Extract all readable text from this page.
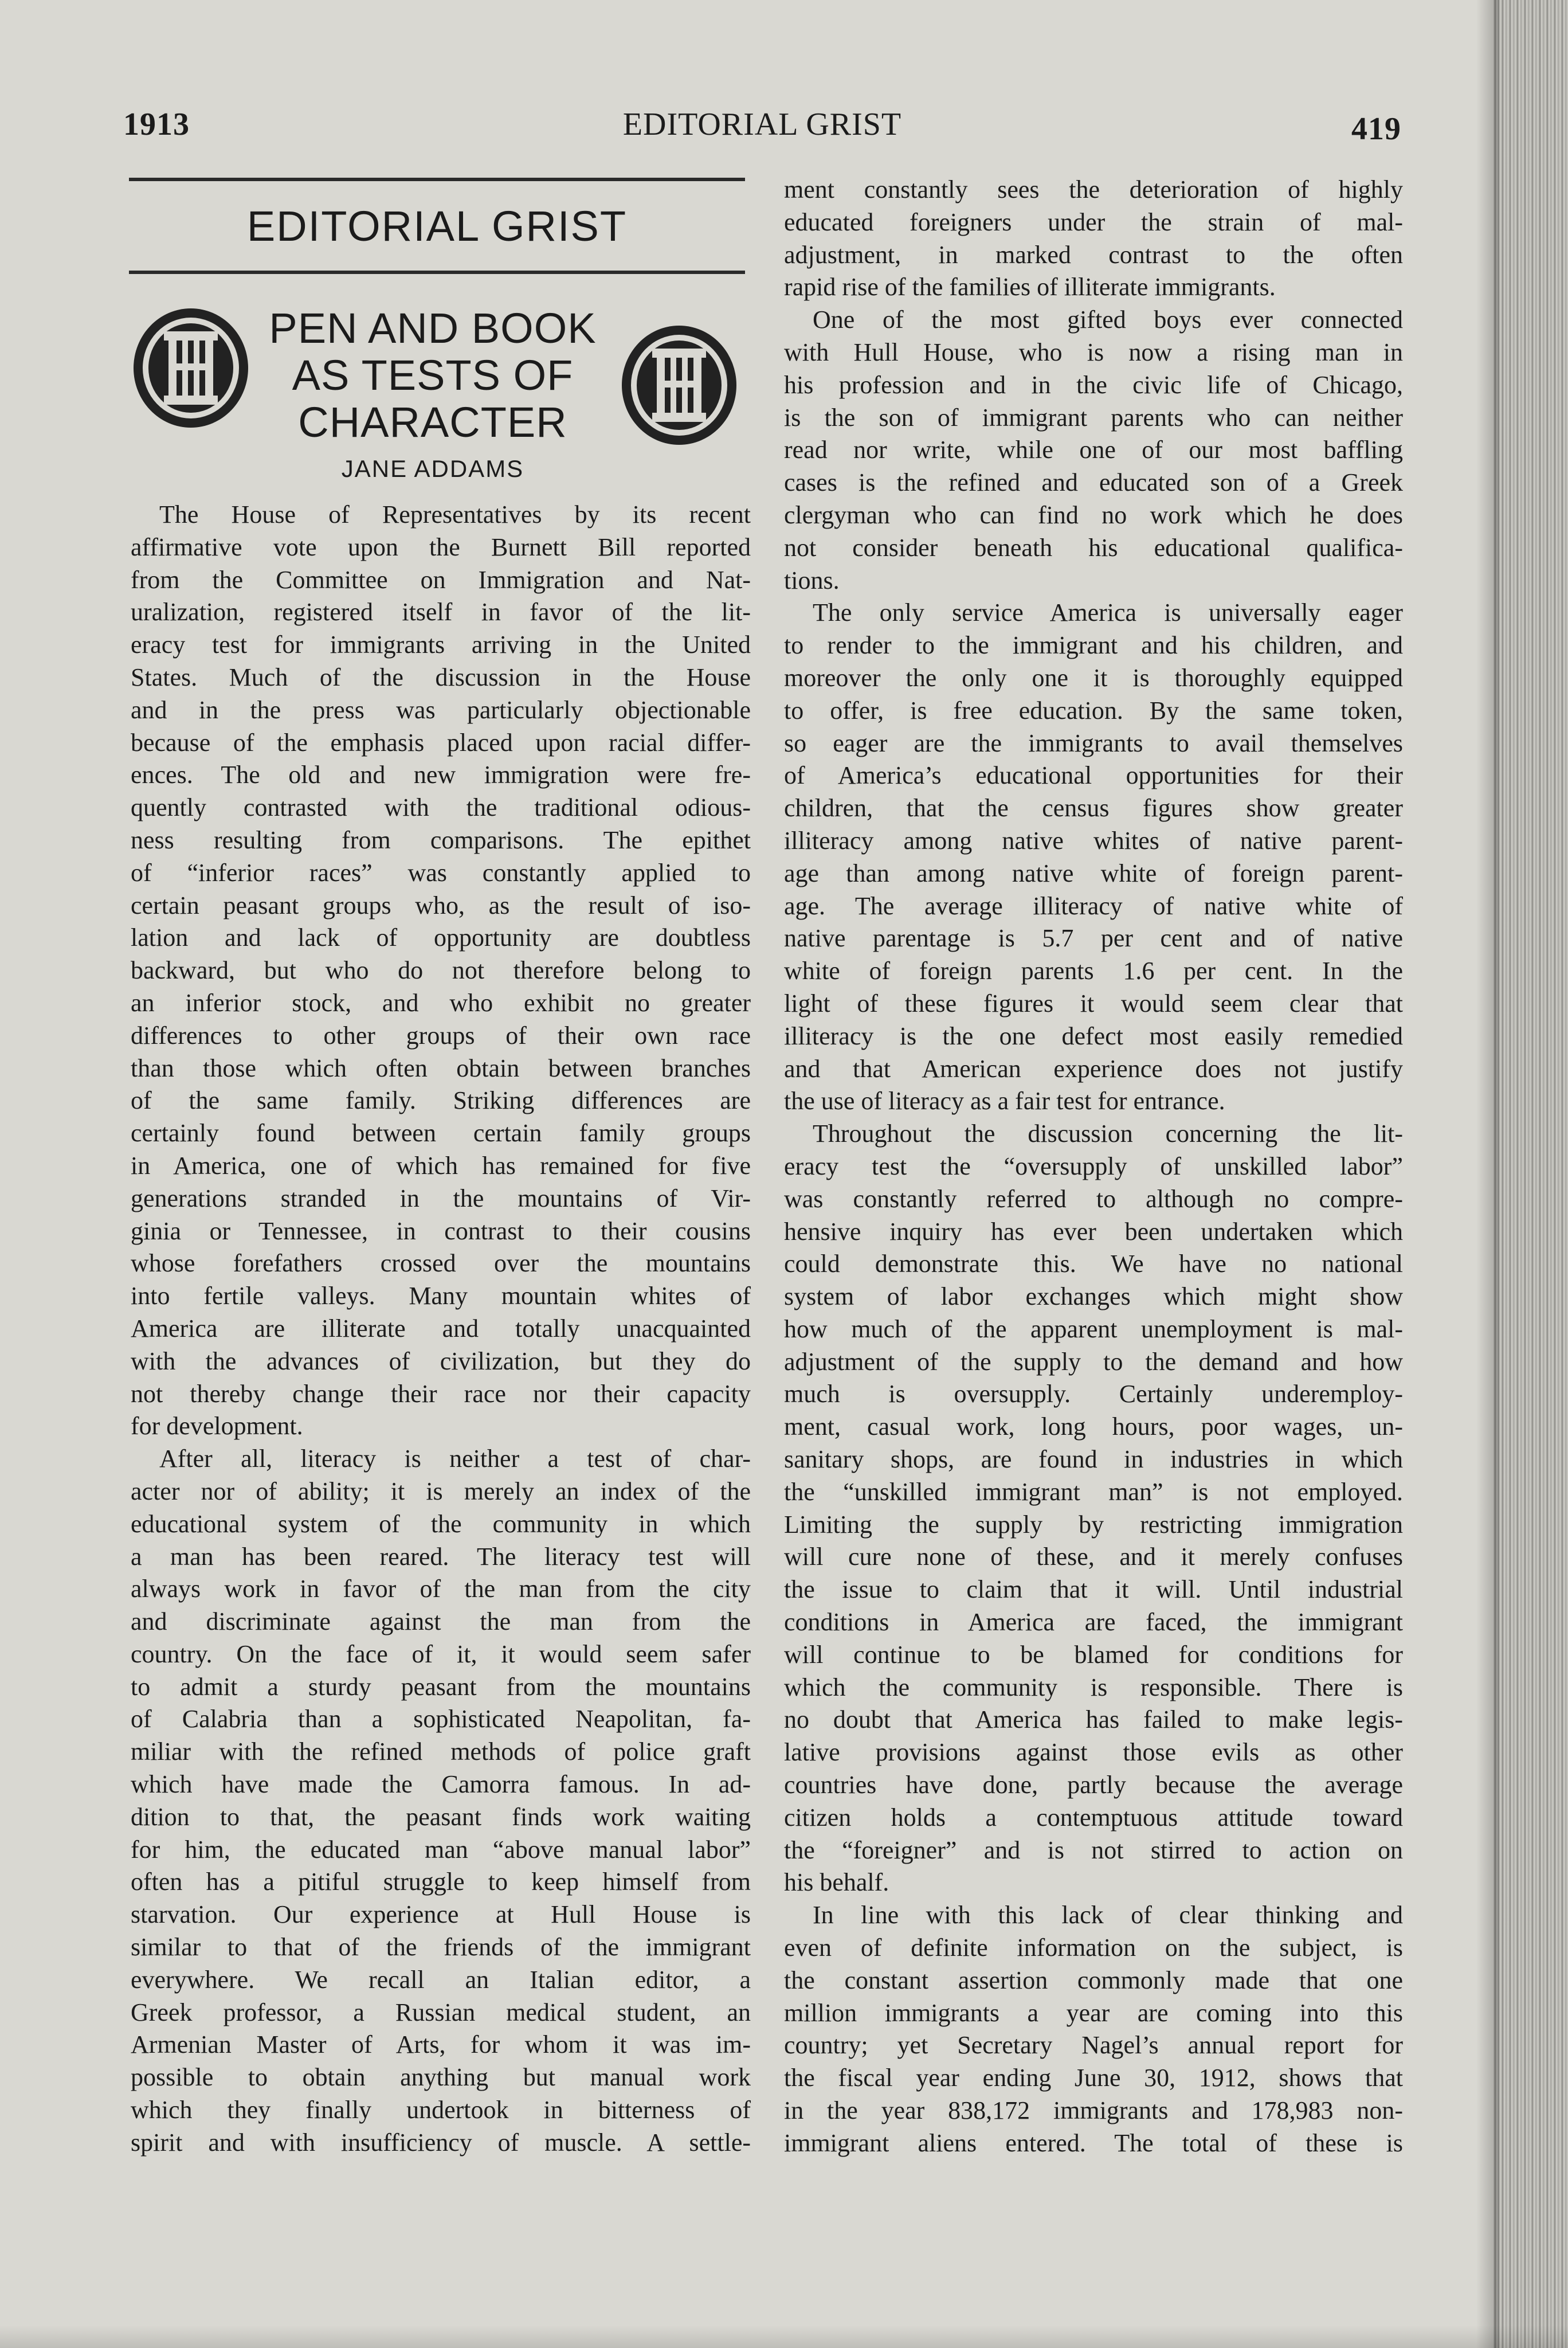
1913	EDITORIAL GRIST	419
EDITORIAL GRIST
PEN AND BOOK
AS TESTS OF
CHARACTER
JANE ADDAMS
The House of Representatives by its recent
affirmative vote upon the Burnett Bill reported
from the Committee on Immigration and Nat-
uralization, registered itself in favor of the lit-
eracy test for immigrants arriving in the United
States. Much of the discussion in the House
and in the press was particularly objectionable
because of the emphasis placed upon racial differ-
ences. The old and new immigration were fre-
quently contrasted with the traditional odious-
ness resulting from comparisons. The epithet
of “inferior races” was constantly applied to
certain peasant groups who, as the result of iso-
lation and lack of opportunity are doubtless
backward, but who do not therefore belong to
an inferior stock, and who exhibit no greater
differences to other groups of their own race
than those which often obtain between branches
of the same family. Striking differences are
certainly found between certain family groups
in America, one of which has remained for five
generations stranded in the mountains of Vir-
ginia or Tennessee, in contrast to their cousins
whose forefathers crossed over the mountains
into fertile valleys. Many mountain whites of
America are illiterate and totally unacquainted
with the advances of civilization, but they do
not thereby change their race nor their capacity
for development.
After all, literacy is neither a test of char-
acter nor of ability; it is merely an index of the
educational system of the community in which
a man has been reared. The literacy test will
always work in favor of the man from the city
and discriminate against the man from the
country. On the face of it, it would seem safer
to admit a sturdy peasant from the mountains
of Calabria than a sophisticated Neapolitan, fa-
miliar with the refined methods of police graft
which have made the Camorra famous. In ad-
dition to that, the peasant finds work waiting
for him, the educated man “above manual labor”
often has a pitiful struggle to keep himself from
starvation. Our experience at Hull House is
similar to that of the friends of the immigrant
everywhere. We recall an Italian editor, a
Greek professor, a Russian medical student, an
Armenian Master of Arts, for whom it was im-
possible to obtain anything but manual work
which they finally undertook in bitterness of
spirit and with insufficiency of muscle. A settle-
ment constantly sees the deterioration of highly
educated foreigners under the strain of mal-
adjustment, in marked contrast to the often
rapid rise of the families of illiterate immigrants.
One of the most gifted boys ever connected
with Hull House, who is now a rising man in
his profession and in the civic life of Chicago,
is the son of immigrant parents who can neither
read nor write, while one of our most baffling
cases is the refined and educated son of a Greek
clergyman who can find no work which he does
not consider beneath his educational qualifica-
tions.
The only service America is universally eager
to render to the immigrant and his children, and
moreover the only one it is thoroughly equipped
to offer, is free education. By the same token,
so eager are the immigrants to avail themselves
of America’s educational opportunities for their
children, that the census figures show greater
illiteracy among native whites of native parent-
age than among native white of foreign parent-
age. The average illiteracy of native white of
native parentage is 5.7 per cent and of native
white of foreign parents 1.6 per cent. In the
light of these figures it would seem clear that
illiteracy is the one defect most easily remedied
and that American experience does not justify
the use of literacy as a fair test for entrance.
Throughout the discussion concerning the lit-
eracy test the “oversupply of unskilled labor”
was constantly referred to although no compre-
hensive inquiry has ever been undertaken which
could demonstrate this. We have no national
system of labor exchanges which might show
how much of the apparent unemployment is mal-
adjustment of the supply to the demand and how
much is oversupply. Certainly underemploy-
ment, casual work, long hours, poor wages, un-
sanitary shops, are found in industries in which
the “unskilled immigrant man” is not employed.
Limiting the supply by restricting immigration
will cure none of these, and it merely confuses
the issue to claim that it will. Until industrial
conditions in America are faced, the immigrant
will continue to be blamed for conditions for
which the community is responsible. There is
no doubt that America has failed to make legis-
lative provisions against those evils as other
countries have done, partly because the average
citizen holds a contemptuous attitude toward
the “foreigner” and is not stirred to action on
his behalf.
In line with this lack of clear thinking and
even of definite information on the subject, is
the constant assertion commonly made that one
million immigrants a year are coming into this
country; yet Secretary Nagel’s annual report for
the fiscal year ending June 30, 1912, shows that
in the year 838,172 immigrants and 178,983 non-
immigrant aliens entered. The total of these is
